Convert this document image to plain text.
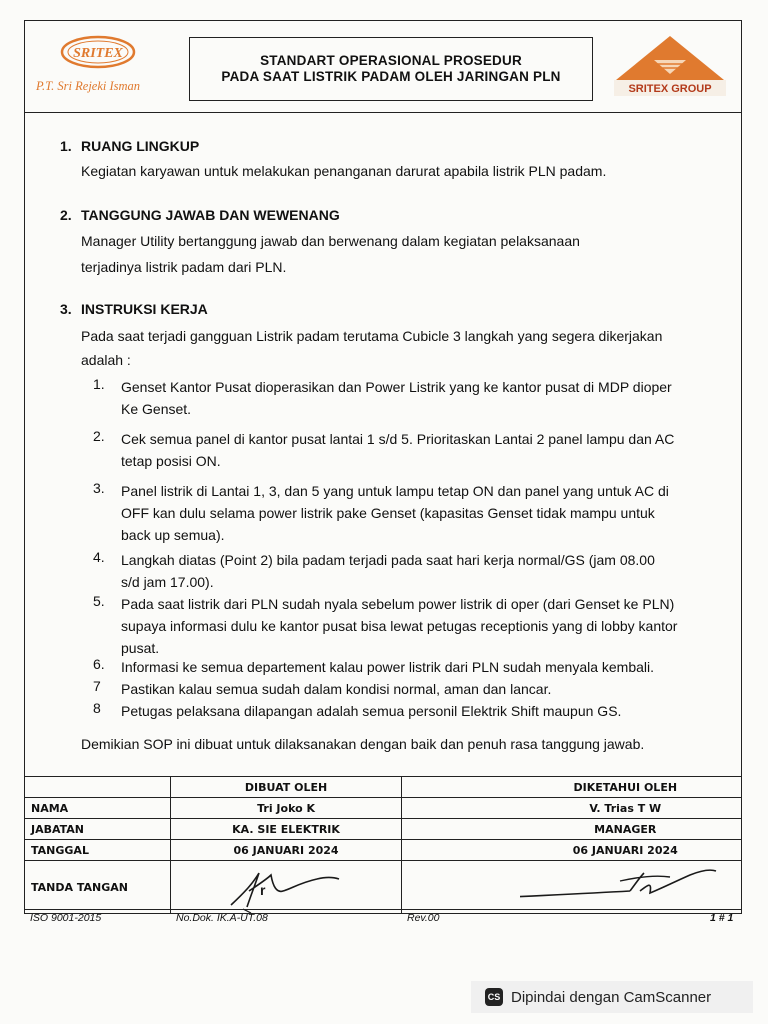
SRITEX
P.T. Sri Rejeki Isman
STANDART OPERASIONAL PROSEDUR
PADA SAAT LISTRIK PADAM OLEH JARINGAN PLN
SRITEX GROUP
1. RUANG LINGKUP
Kegiatan karyawan untuk melakukan penanganan darurat apabila listrik PLN padam.
2. TANGGUNG JAWAB DAN WEWENANG
Manager Utility bertanggung jawab dan berwenang dalam kegiatan pelaksanaan
terjadinya listrik padam dari PLN.
3. INSTRUKSI KERJA
Pada saat terjadi gangguan Listrik padam terutama Cubicle 3 langkah yang segera dikerjakan
adalah :
1. Genset Kantor Pusat dioperasikan dan Power Listrik yang ke kantor pusat di MDP dioper
Ke Genset.
2. Cek semua panel di kantor pusat lantai 1 s/d 5. Prioritaskan Lantai 2 panel lampu dan AC
tetap posisi ON.
3. Panel listrik di Lantai 1, 3, dan 5 yang untuk lampu tetap ON dan panel yang untuk AC di
OFF kan dulu selama power listrik pake Genset (kapasitas Genset tidak mampu untuk
back up semua).
4. Langkah diatas (Point 2) bila padam terjadi pada saat hari kerja normal/GS (jam 08.00
s/d jam 17.00).
5. Pada saat listrik dari PLN sudah nyala sebelum power listrik di oper (dari Genset ke PLN)
supaya informasi dulu ke kantor pusat bisa lewat petugas receptionis yang di lobby kantor
pusat.
6. Informasi ke semua departement kalau power listrik dari PLN sudah menyala kembali.
7 Pastikan kalau semua sudah dalam kondisi normal, aman dan lancar.
8 Petugas pelaksana dilapangan adalah semua personil Elektrik Shift maupun GS.
Demikian SOP ini dibuat untuk dilaksanakan dengan baik dan penuh rasa tanggung jawab.
	DIBUAT OLEH		DIKETAHUI OLEH
NAMA	Tri Joko K		V. Trias T W
JABATAN	KA. SIE ELEKTRIK		MANAGER
TANGGAL	06 JANUARI 2024		06 JANUARI 2024
TANDA TANGAN	r

ISO 9001-2015	No.Dok. IK.A-UT.08	Rev.00	1 # 1
CS Dipindai dengan CamScanner
